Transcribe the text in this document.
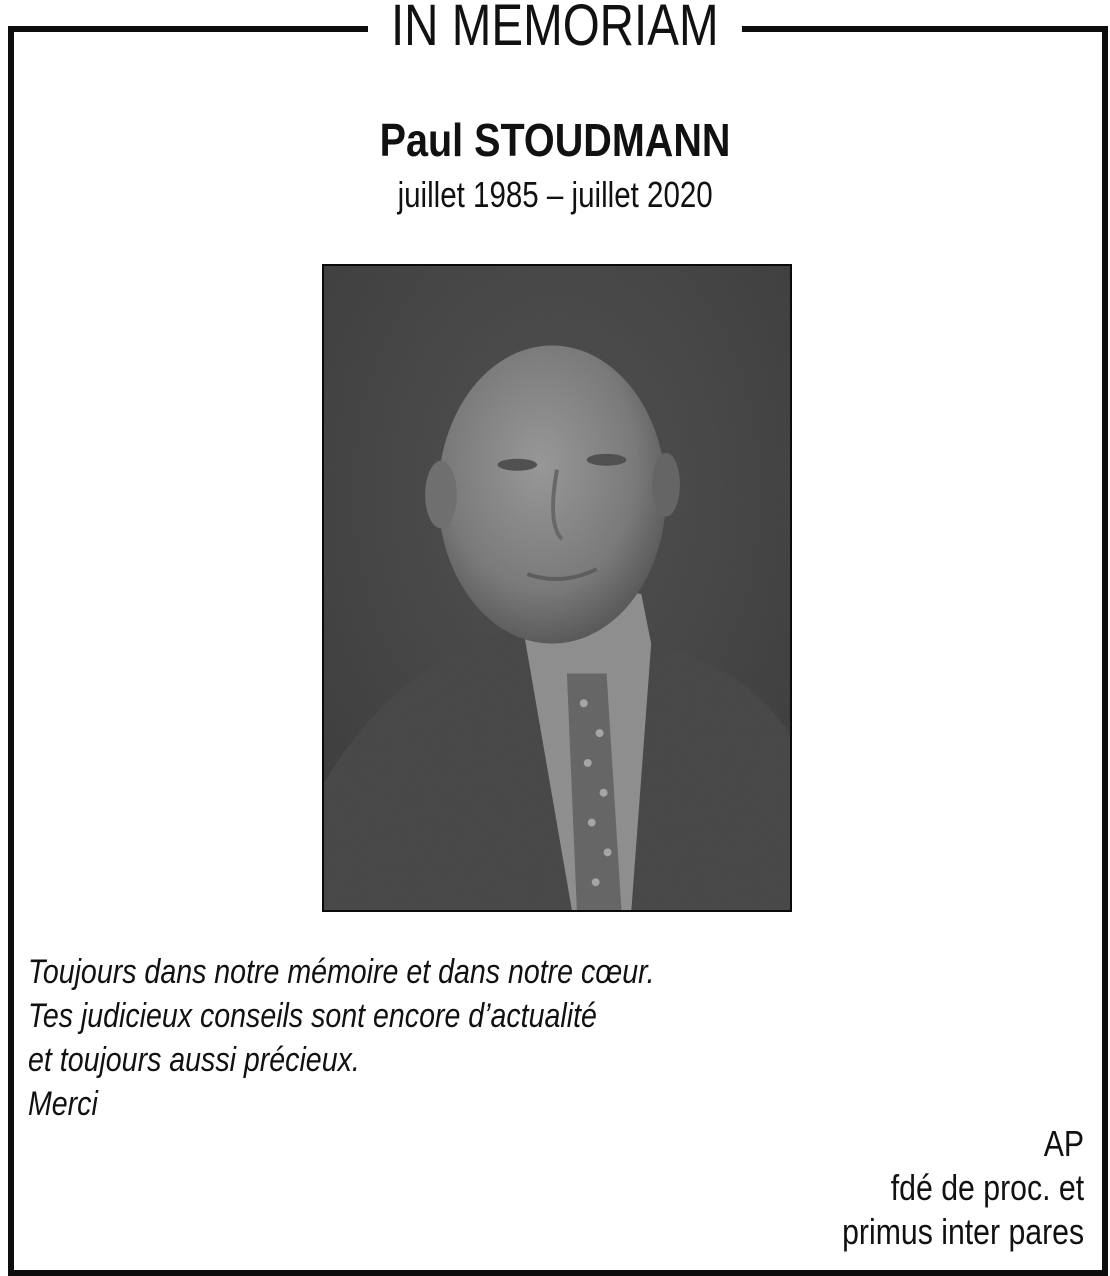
IN MEMORIAM
Paul STOUDMANN
juillet 1985 – juillet 2020
Toujours dans notre mémoire et dans notre cœur.
Tes judicieux conseils sont encore d’actualité
et toujours aussi précieux.
Merci
AP
fdé de proc. et
primus inter pares
